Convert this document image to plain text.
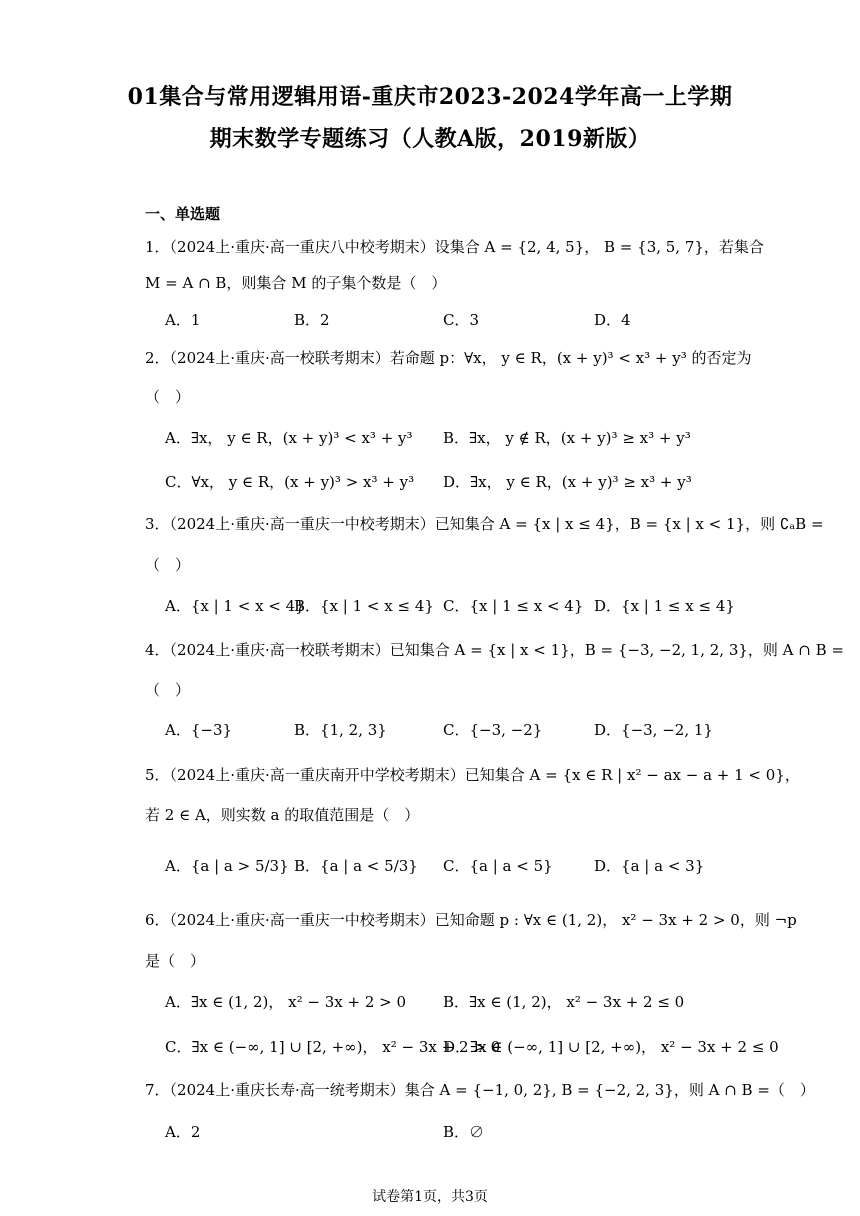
01集合与常用逻辑用语-重庆市2023-2024学年高一上学期
期末数学专题练习（人教A版，2019新版）
一、单选题
1．（2024上·重庆·高一重庆八中校考期末）设集合 A = {2, 4, 5}， B = {3, 5, 7}，若集合
M = A ∩ B，则集合 M 的子集个数是（　）
A．1	B．2	C．3	D．4
2．（2024上·重庆·高一校联考期末）若命题 p：∀x， y ∈ R，(x + y)³ < x³ + y³ 的否定为
（　）
A．∃x， y ∈ R，(x + y)³ < x³ + y³ B．∃x， y ∉ R，(x + y)³ ≥ x³ + y³
C．∀x， y ∈ R，(x + y)³ > x³ + y³ D．∃x， y ∈ R，(x + y)³ ≥ x³ + y³
3．（2024上·重庆·高一重庆一中校考期末）已知集合 A = {x | x ≤ 4}，B = {x | x < 1}，则 ∁ₐB =
（　）
A．{x | 1 < x < 4}
B．{x | 1 < x ≤ 4} C．{x | 1 ≤ x < 4} D．{x | 1 ≤ x ≤ 4}
4．（2024上·重庆·高一校联考期末）已知集合 A = {x | x < 1}，B = {−3, −2, 1, 2, 3}，则 A ∩ B =
（　）
A．{−3}	B．{1, 2, 3}	C．{−3, −2}	D．{−3, −2, 1}
5．（2024上·重庆·高一重庆南开中学校考期末）已知集合 A = {x ∈ R | x² − ax − a + 1 < 0}，
若 2 ∈ A，则实数 a 的取值范围是（　）
A．{a | a > 5/3} B．{a | a < 5/3} C．{a | a < 5}	D．{a | a < 3}
6．（2024上·重庆·高一重庆一中校考期末）已知命题 p : ∀x ∈ (1, 2)， x² − 3x + 2 > 0，则 ¬p
是（　）
A．∃x ∈ (1, 2)， x² − 3x + 2 > 0 B．∃x ∈ (1, 2)， x² − 3x + 2 ≤ 0
C．∃x ∈ (−∞, 1] ∪ [2, +∞)， x² − 3x + 2 > 0
D．∃x ∈ (−∞, 1] ∪ [2, +∞)， x² − 3x + 2 ≤ 0
7．（2024上·重庆长寿·高一统考期末）集合 A = {−1, 0, 2}, B = {−2, 2, 3}，则 A ∩ B =（　）
A．2	B．∅
试卷第1页，共3页
